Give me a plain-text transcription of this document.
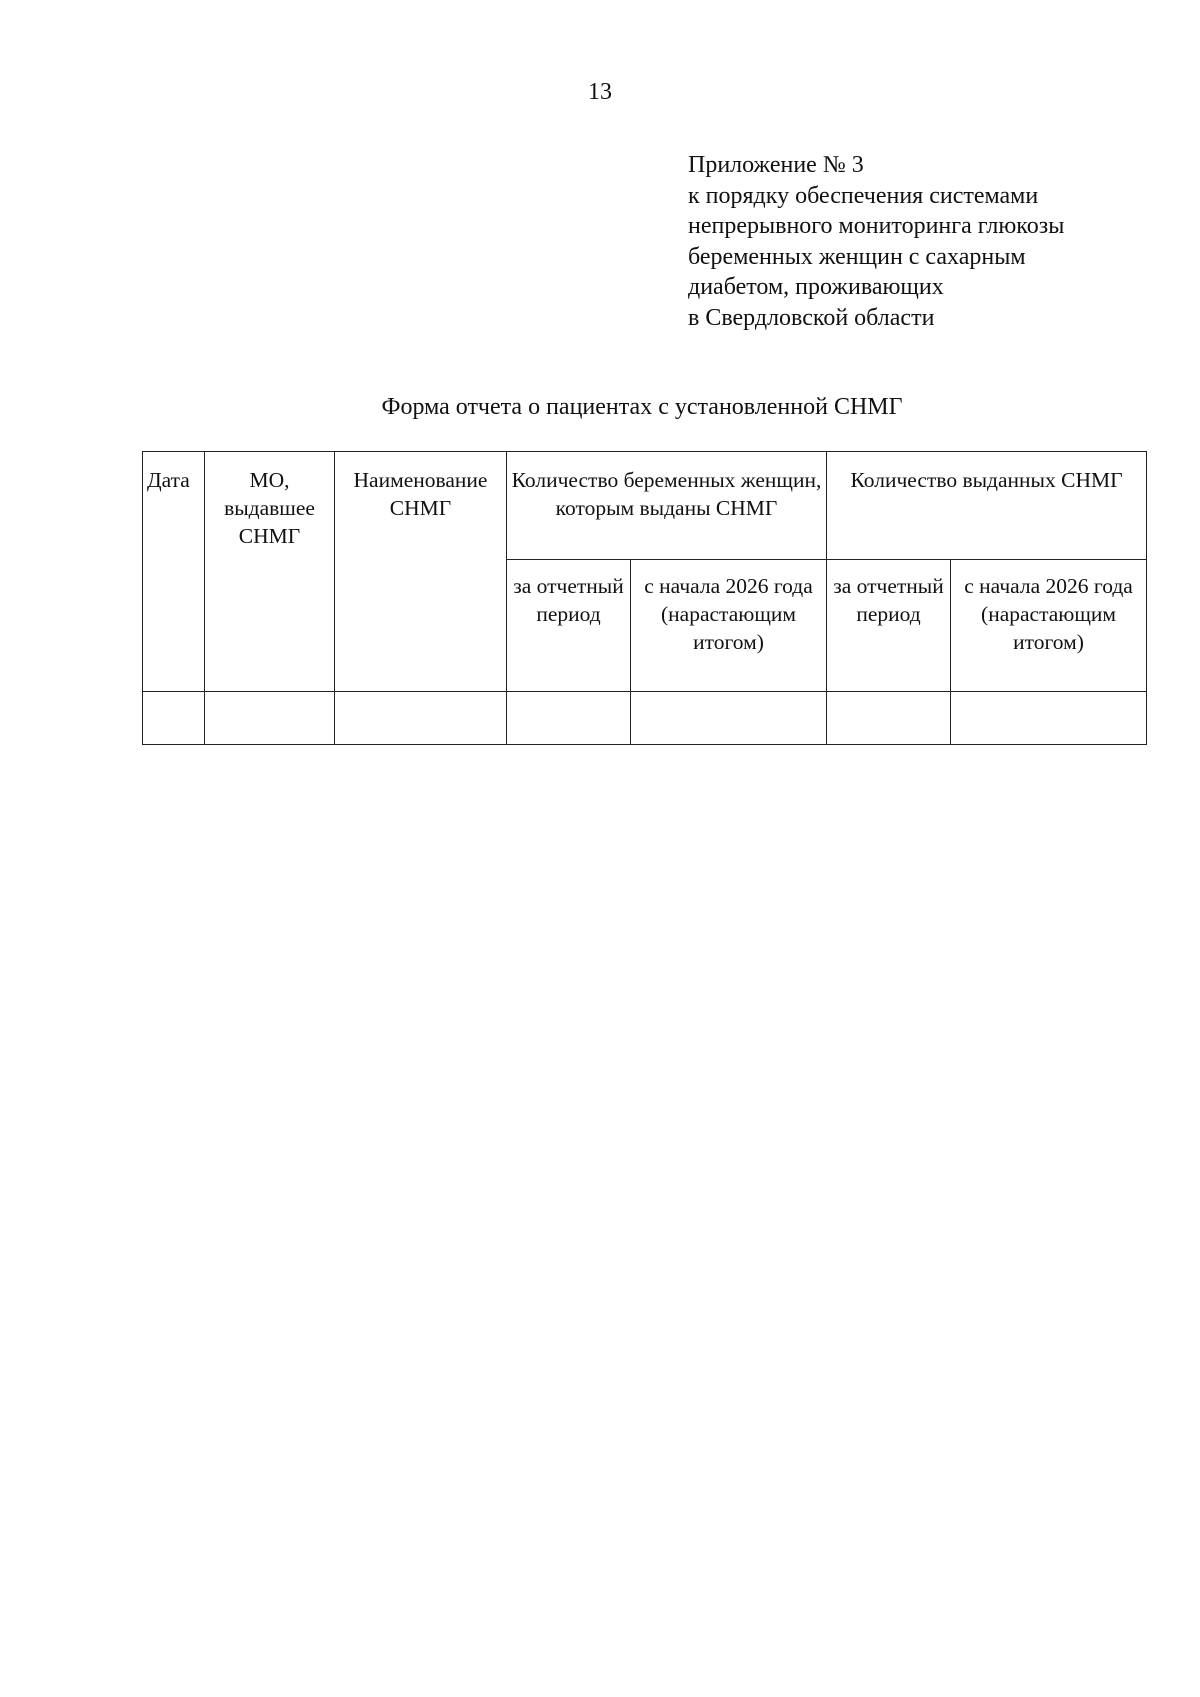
13
Приложение № 3
к порядку обеспечения системами
непрерывного мониторинга глюкозы
беременных женщин с сахарным
диабетом, проживающих
в Свердловской области
Форма отчета о пациентах с установленной СНМГ
Дата	МО, выдавшее СНМГ	Наименование СНМГ	Количество беременных женщин, которым выданы СНМГ		Количество выданных СНМГ	
			за отчетный период	с начала 2026 года (нарастающим итогом)	за отчетный период	с начала 2026 года (нарастающим итогом)
